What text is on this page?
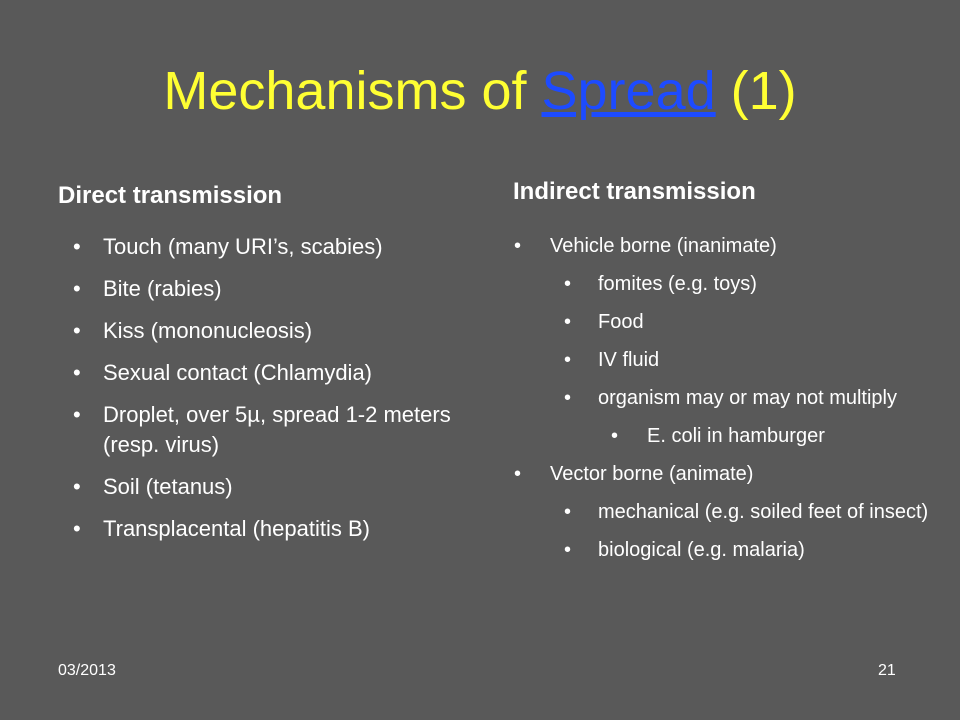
Mechanisms of Spread (1)
Direct transmission	Indirect transmission
• Touch (many URI’s, scabies)
• Bite (rabies)
• Kiss (mononucleosis)
• Sexual contact (Chlamydia)
• Droplet, over 5µ, spread 1-2 meters (resp. virus)
• Soil (tetanus)
• Transplacental (hepatitis B)
• Vehicle borne (inanimate)
• fomites (e.g. toys)
• Food
• IV fluid
• organism may or may not multiply
• E. coli in hamburger
• Vector borne (animate)
• mechanical (e.g. soiled feet of insect)
• biological (e.g. malaria)
03/2013	21
